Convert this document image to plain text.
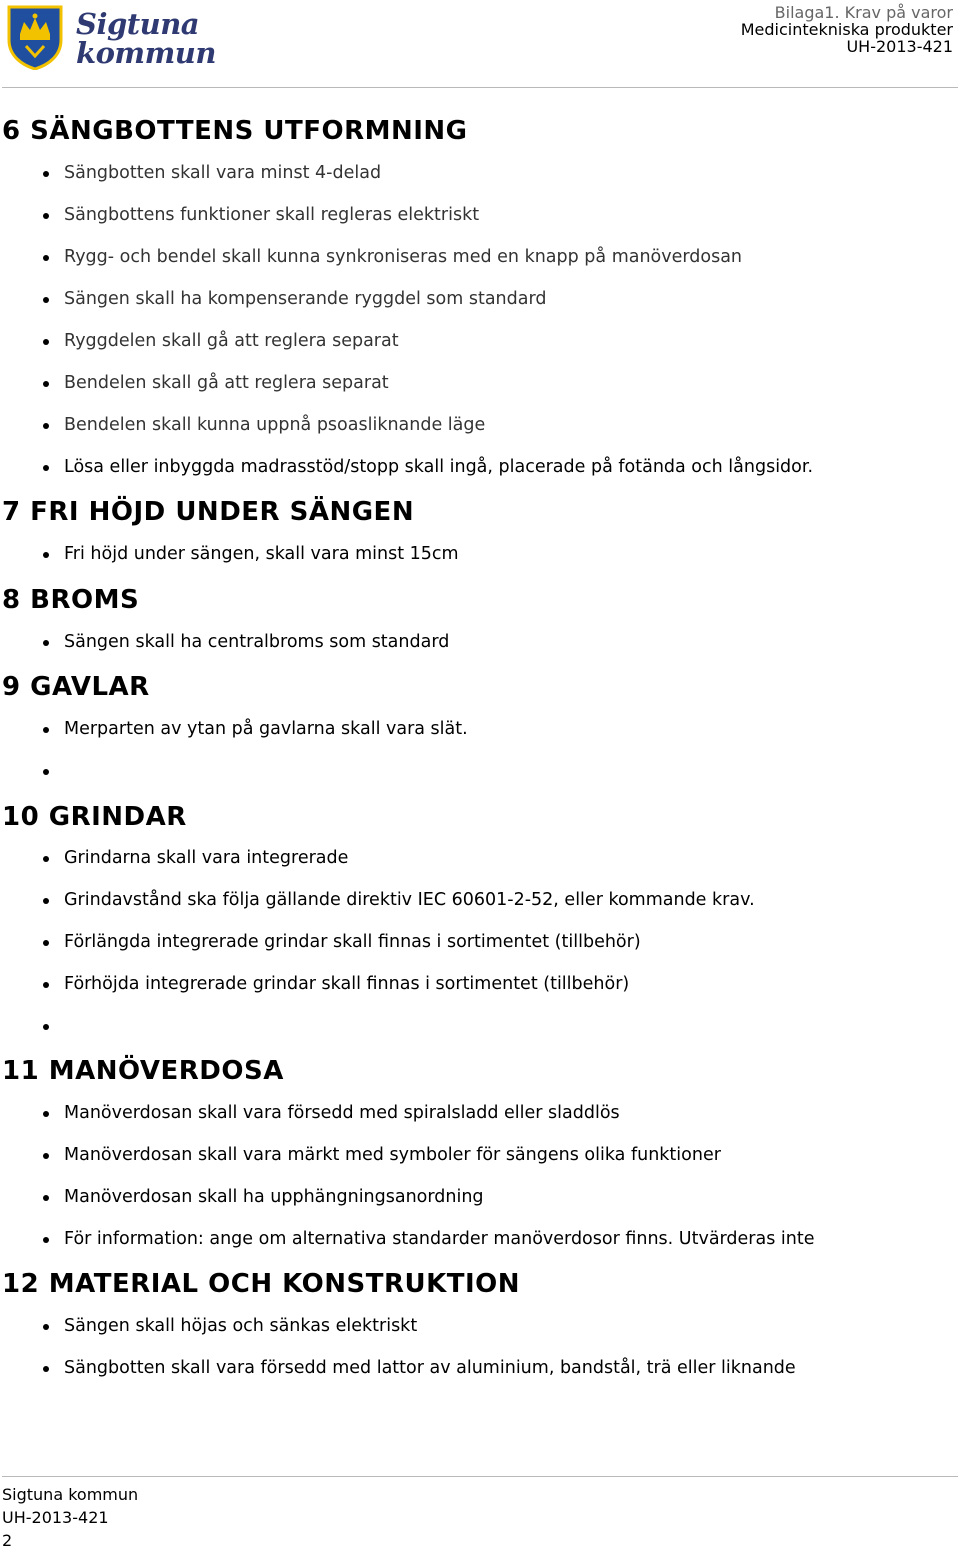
Sigtuna
kommun
Bilaga1. Krav på varor
Medicintekniska produkter
UH-2013-421
6 SÄNGBOTTENS UTFORMNING
Sängbotten skall vara minst 4-delad
Sängbottens funktioner skall regleras elektriskt
Rygg- och bendel skall kunna synkroniseras med en knapp på manöverdosan
Sängen skall ha kompenserande ryggdel som standard
Ryggdelen skall gå att reglera separat
Bendelen skall gå att reglera separat
Bendelen skall kunna uppnå psoasliknande läge
Lösa eller inbyggda madrasstöd/stopp skall ingå, placerade på fotända och långsidor.
7 FRI HÖJD UNDER SÄNGEN
Fri höjd under sängen, skall vara minst 15cm
8 BROMS
Sängen skall ha centralbroms som standard
9 GAVLAR
Merparten av ytan på gavlarna skall vara slät.
10 GRINDAR
Grindarna skall vara integrerade
Grindavstånd ska följa gällande direktiv IEC 60601-2-52, eller kommande krav.
Förlängda integrerade grindar skall finnas i sortimentet (tillbehör)
Förhöjda integrerade grindar skall finnas i sortimentet (tillbehör)
11 MANÖVERDOSA
Manöverdosan skall vara försedd med spiralsladd eller sladdlös
Manöverdosan skall vara märkt med symboler för sängens olika funktioner
Manöverdosan skall ha upphängningsanordning
För information: ange om alternativa standarder manöverdosor finns. Utvärderas inte
12 MATERIAL OCH KONSTRUKTION
Sängen skall höjas och sänkas elektriskt
Sängbotten skall vara försedd med lattor av aluminium, bandstål, trä eller liknande
Sigtuna kommun
UH-2013-421
2
